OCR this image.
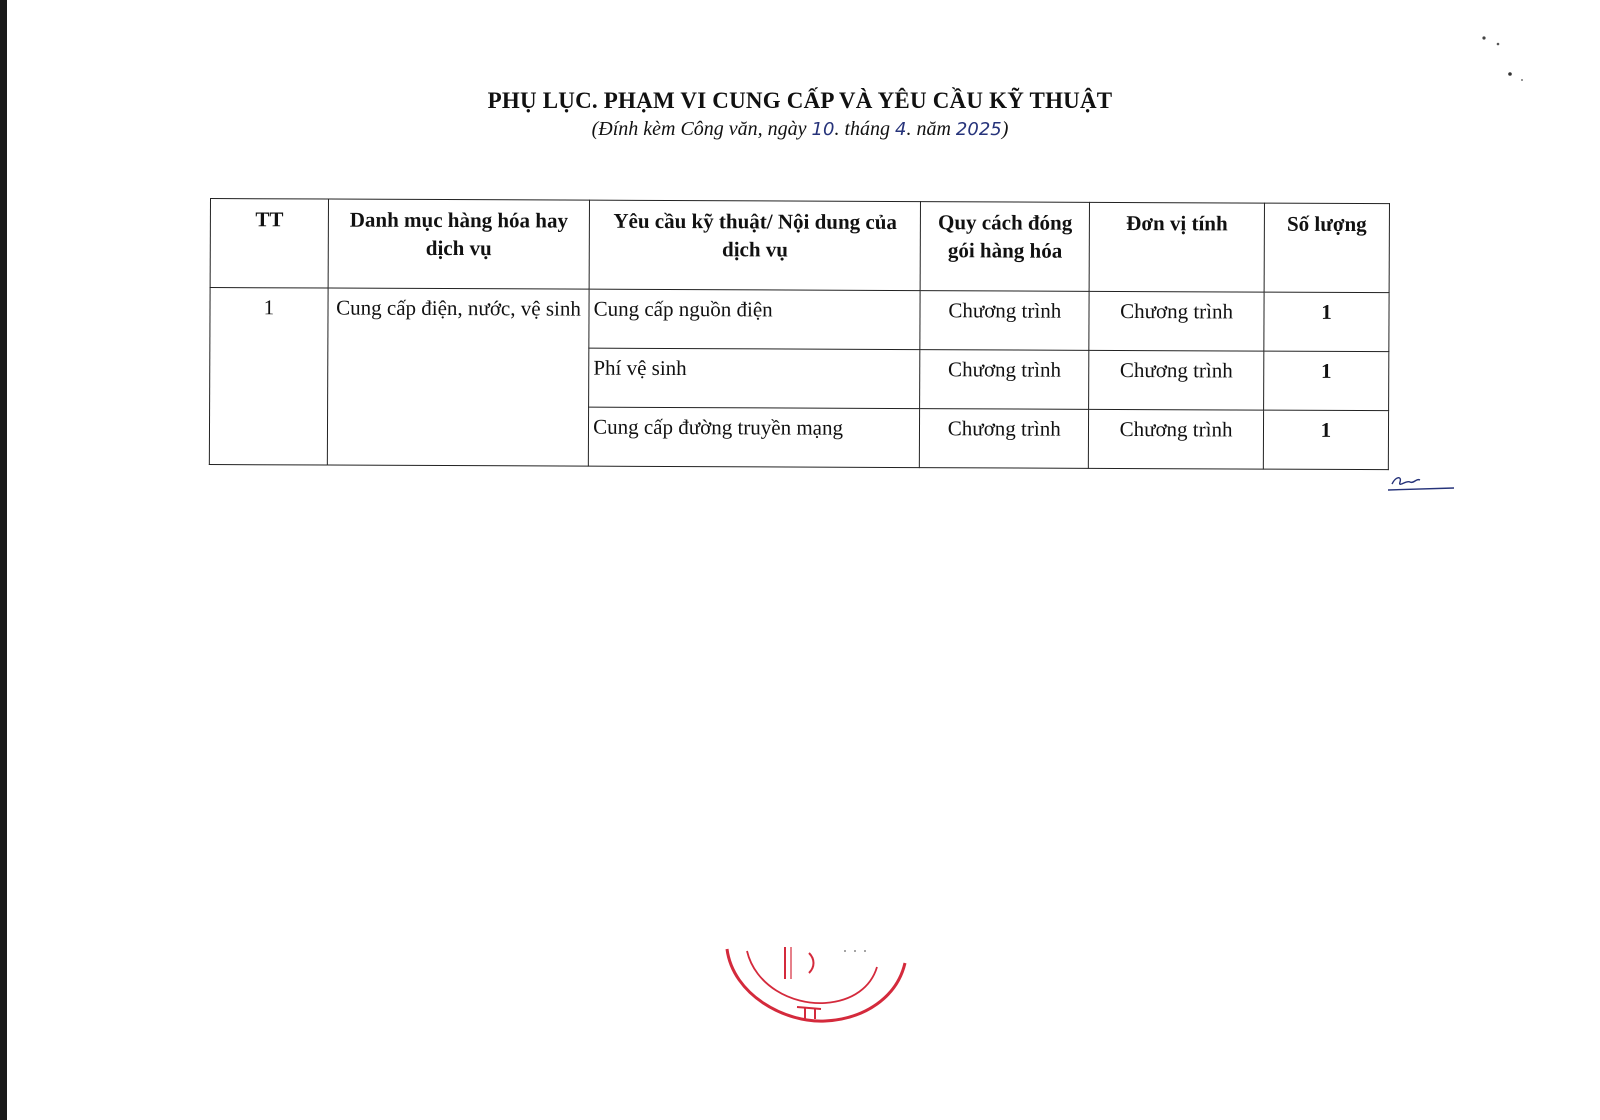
PHỤ LỤC. PHẠM VI CUNG CẤP VÀ YÊU CẦU KỸ THUẬT
(Đính kèm Công văn, ngày 10. tháng 4. năm 2025)
TT	Danh mục hàng hóa hay dịch vụ	Yêu cầu kỹ thuật/ Nội dung của dịch vụ	Quy cách đóng gói hàng hóa	Đơn vị tính	Số lượng
1	Cung cấp điện, nước, vệ sinh	Cung cấp nguồn điện	Chương trình	Chương trình	1
		Phí vệ sinh	Chương trình	Chương trình	1
		Cung cấp đường truyền mạng	Chương trình	Chương trình	1
